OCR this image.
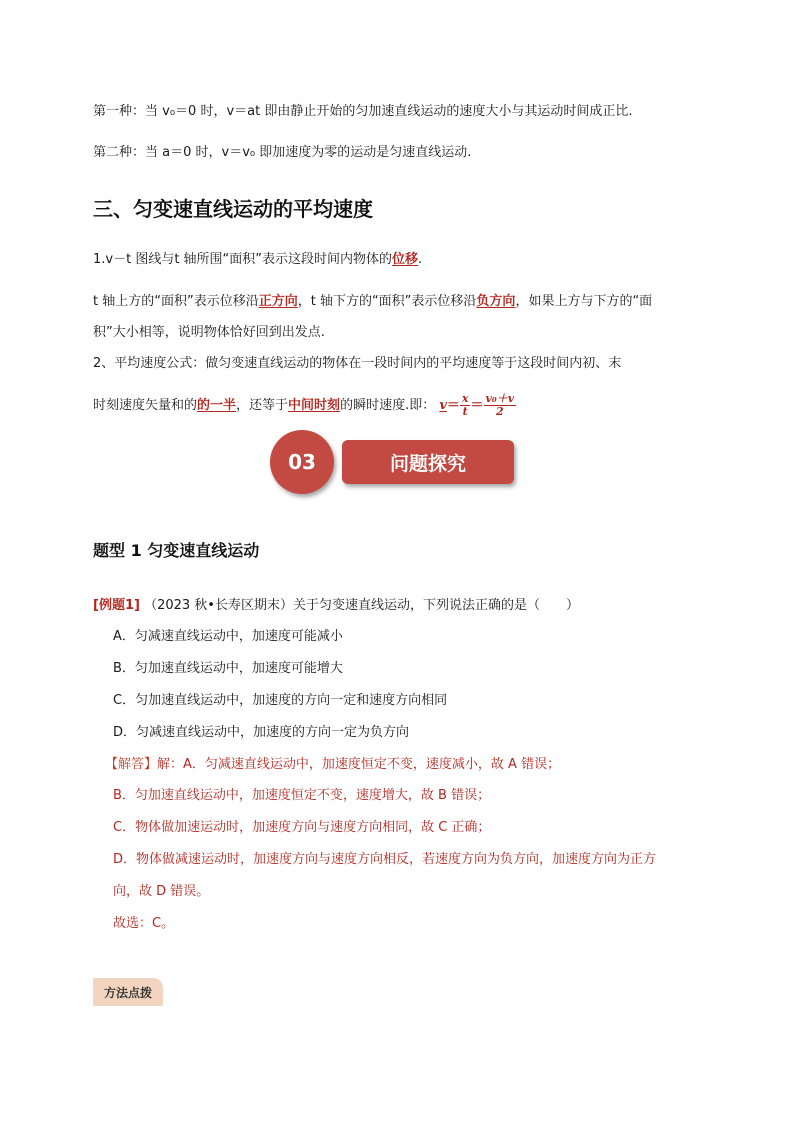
第一种：当 v₀＝0 时，v＝at 即由静止开始的匀加速直线运动的速度大小与其运动时间成正比.
第二种：当 a＝0 时，v＝v₀ 即加速度为零的运动是匀速直线运动.
三、匀变速直线运动的平均速度
1.v－t 图线与t 轴所围“面积”表示这段时间内物体的位移.
t 轴上方的“面积”表示位移沿正方向，t 轴下方的“面积”表示位移沿负方向，如果上方与下方的“面
积”大小相等，说明物体恰好回到出发点.
2、平均速度公式：做匀变速直线运动的物体在一段时间内的平均速度等于这段时间内初、末
时刻速度矢量和的的一半，还等于中间时刻的瞬时速度.即： $v= \frac{x}{t} = \frac{\text{v₀＋v}}{2}$
03	问题探究
题型 1 匀变速直线运动
[例题1] （2023 秋•长寿区期末）关于匀变速直线运动，下列说法正确的是（　　）
A．匀减速直线运动中，加速度可能减小
B．匀加速直线运动中，加速度可能增大
C．匀加速直线运动中，加速度的方向一定和速度方向相同
D．匀减速直线运动中，加速度的方向一定为负方向
【解答】解：A．匀减速直线运动中，加速度恒定不变，速度减小，故 A 错误；
B．匀加速直线运动中，加速度恒定不变，速度增大，故 B 错误；
C．物体做加速运动时，加速度方向与速度方向相同，故 C 正确；
D．物体做减速运动时，加速度方向与速度方向相反，若速度方向为负方向，加速度方向为正方
向，故 D 错误。
故选：C。
方法点拨
